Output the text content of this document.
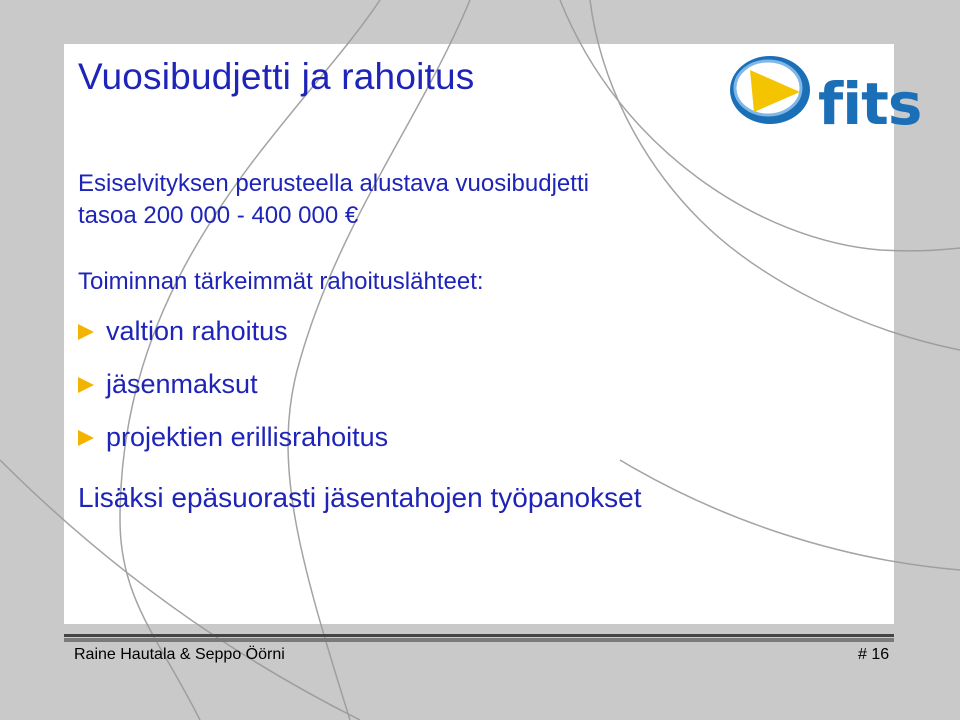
Vuosibudjetti ja rahoitus
Esiselvityksen perusteella alustava vuosibudjetti
tasoa 200 000 - 400 000 €
Toiminnan tärkeimmät rahoituslähteet:
valtion rahoitus
jäsenmaksut
projektien erillisrahoitus
Lisäksi epäsuorasti jäsentahojen työpanokset
fits
Raine Hautala & Seppo Öörni	# 16
